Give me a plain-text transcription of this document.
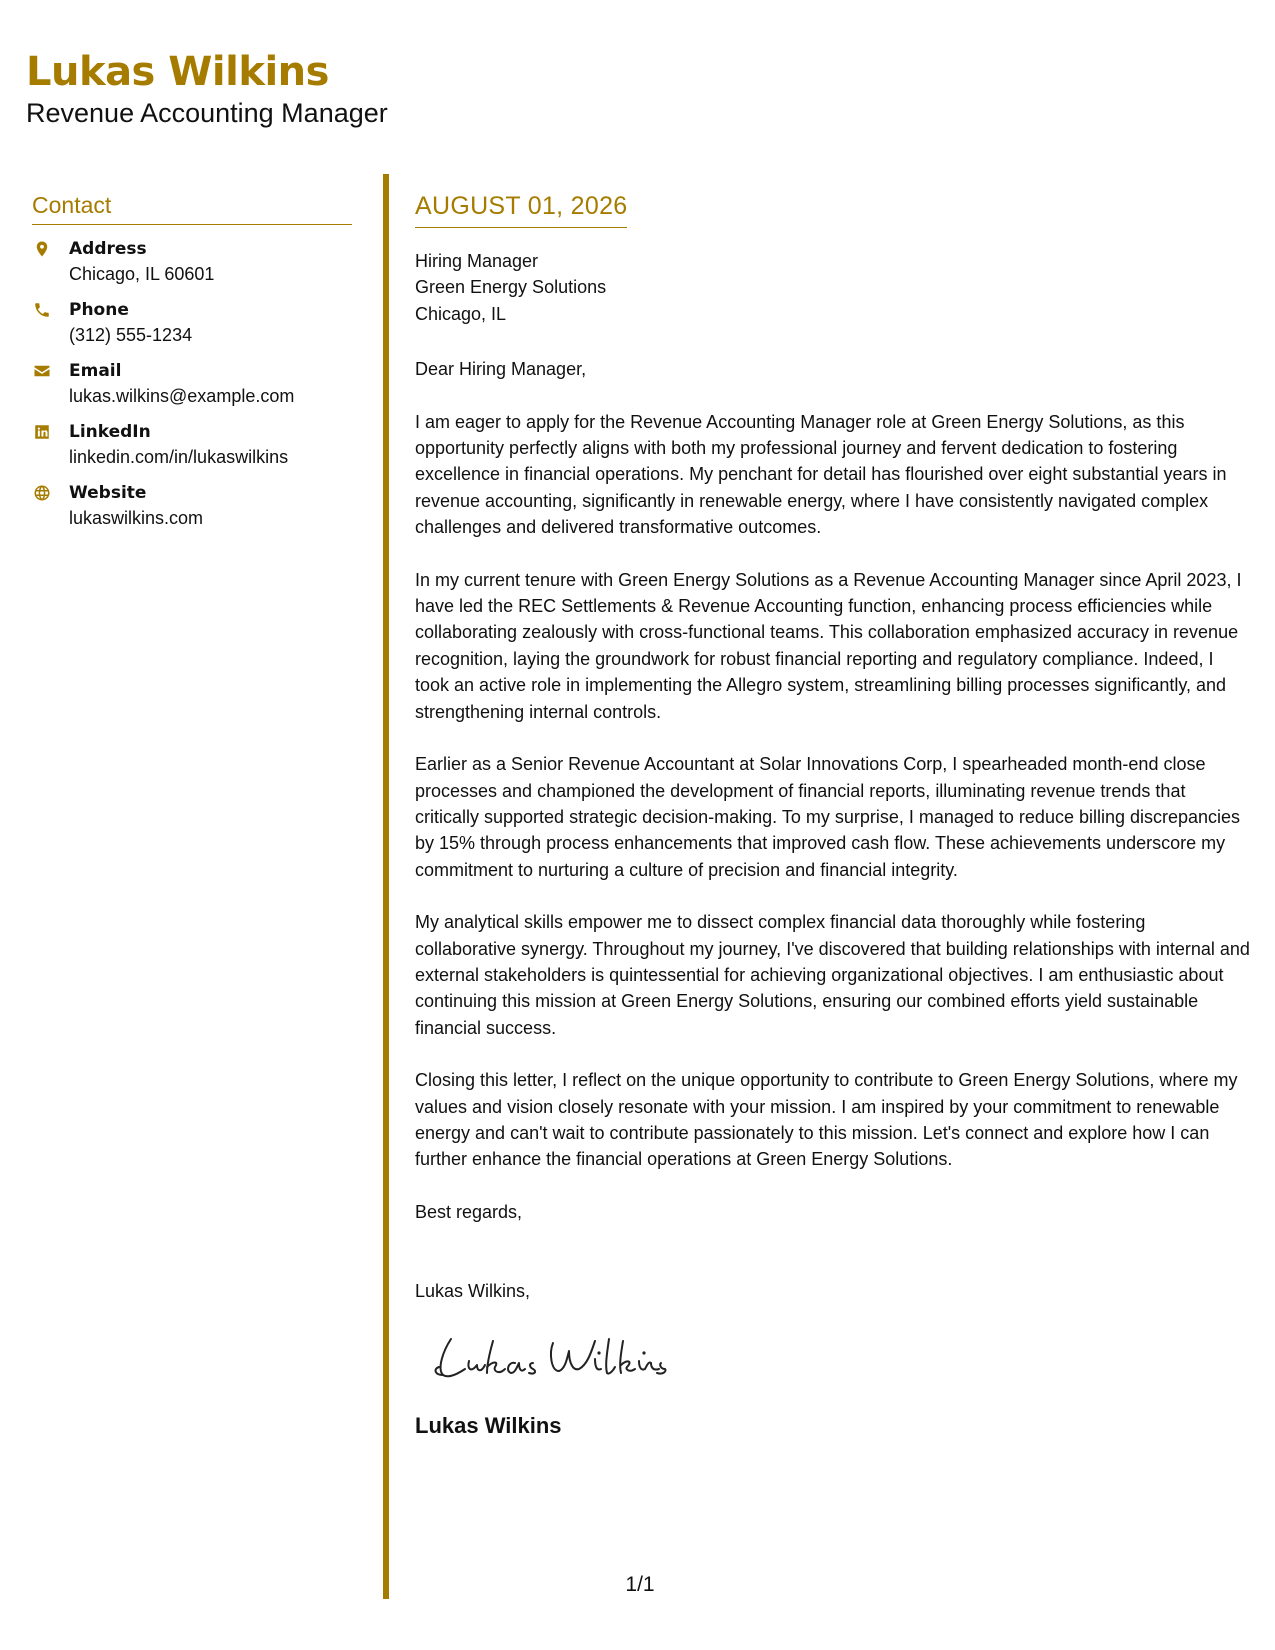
Lukas Wilkins
Revenue Accounting Manager
Contact
Address
Chicago, IL 60601
Phone
(312) 555-1234
Email
lukas.wilkins@example.com
LinkedIn
linkedin.com/in/lukaswilkins
Website
lukaswilkins.com
AUGUST 01, 2026
Hiring Manager
Green Energy Solutions
Chicago, IL
Dear Hiring Manager,

I am eager to apply for the Revenue Accounting Manager role at Green Energy Solutions, as this opportunity perfectly aligns with both my professional journey and fervent dedication to fostering excellence in financial operations. My penchant for detail has flourished over eight substantial years in revenue accounting, significantly in renewable energy, where I have consistently navigated complex challenges and delivered transformative outcomes.

In my current tenure with Green Energy Solutions as a Revenue Accounting Manager since April 2023, I have led the REC Settlements & Revenue Accounting function, enhancing process efficiencies while collaborating zealously with cross-functional teams. This collaboration emphasized accuracy in revenue recognition, laying the groundwork for robust financial reporting and regulatory compliance. Indeed, I took an active role in implementing the Allegro system, streamlining billing processes significantly, and strengthening internal controls.

Earlier as a Senior Revenue Accountant at Solar Innovations Corp, I spearheaded month-end close processes and championed the development of financial reports, illuminating revenue trends that critically supported strategic decision-making. To my surprise, I managed to reduce billing discrepancies by 15% through process enhancements that improved cash flow. These achievements underscore my commitment to nurturing a culture of precision and financial integrity.

My analytical skills empower me to dissect complex financial data thoroughly while fostering collaborative synergy. Throughout my journey, I've discovered that building relationships with internal and external stakeholders is quintessential for achieving organizational objectives. I am enthusiastic about continuing this mission at Green Energy Solutions, ensuring our combined efforts yield sustainable financial success.

Closing this letter, I reflect on the unique opportunity to contribute to Green Energy Solutions, where my values and vision closely resonate with your mission. I am inspired by your commitment to renewable energy and can't wait to contribute passionately to this mission. Let's connect and explore how I can further enhance the financial operations at Green Energy Solutions.

Best regards,
Lukas Wilkins,
Lukas Wilkins
1/1
